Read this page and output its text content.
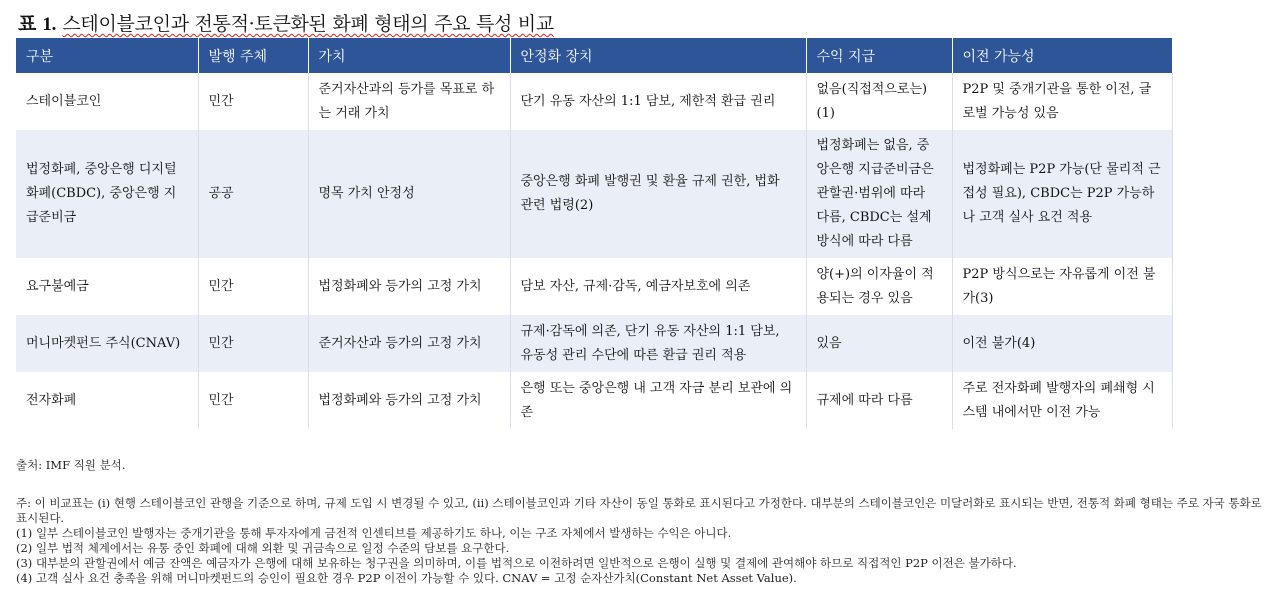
표 1. 스테이블코인과 전통적·토큰화된 화폐 형태의 주요 특성 비교
구분	발행 주체	가치	안정화 장치	수익 지급	이전 가능성
스테이블코인	민간	준거자산과의 등가를 목표로 하는 거래 가치	단기 유동 자산의 1:1 담보, 제한적 환급 권리	없음(직접적으로는)(1)	P2P 및 중개기관을 통한 이전, 글로벌 가능성 있음
법정화폐, 중앙은행 디지털화폐(CBDC), 중앙은행 지급준비금	공공	명목 가치 안정성	중앙은행 화폐 발행권 및 환율 규제 권한, 법화 관련 법령(2)	법정화폐는 없음, 중앙은행 지급준비금은 관할권·범위에 따라 다름, CBDC는 설계 방식에 따라 다름	법정화폐는 P2P 가능(단 물리적 근접성 필요), CBDC는 P2P 가능하나 고객 실사 요건 적용
요구불예금	민간	법정화폐와 등가의 고정 가치	담보 자산, 규제·감독, 예금자보호에 의존	양(+)의 이자율이 적용되는 경우 있음	P2P 방식으로는 자유롭게 이전 불가(3)
머니마켓펀드 주식(CNAV)	민간	준거자산과 등가의 고정 가치	규제·감독에 의존, 단기 유동 자산의 1:1 담보, 유동성 관리 수단에 따른 환급 권리 적용	있음	이전 불가(4)
전자화폐	민간	법정화폐와 등가의 고정 가치	은행 또는 중앙은행 내 고객 자금 분리 보관에 의존	규제에 따라 다름	주로 전자화폐 발행자의 폐쇄형 시스템 내에서만 이전 가능
출처: IMF 직원 분석.
주: 이 비교표는 (i) 현행 스테이블코인 관행을 기준으로 하며, 규제 도입 시 변경될 수 있고, (ii) 스테이블코인과 기타 자산이 동일 통화로 표시된다고 가정한다. 대부분의 스테이블코인은 미달러화로 표시되는 반면, 전통적 화폐 형태는 주로 자국 통화로 표시된다.
(1) 일부 스테이블코인 발행자는 중개기관을 통해 투자자에게 금전적 인센티브를 제공하기도 하나, 이는 구조 자체에서 발생하는 수익은 아니다.
(2) 일부 법적 체계에서는 유통 중인 화폐에 대해 외환 및 귀금속으로 일정 수준의 담보를 요구한다.
(3) 대부분의 관할권에서 예금 잔액은 예금자가 은행에 대해 보유하는 청구권을 의미하며, 이를 법적으로 이전하려면 일반적으로 은행이 실행 및 결제에 관여해야 하므로 직접적인 P2P 이전은 불가하다.
(4) 고객 실사 요건 충족을 위해 머니마켓펀드의 승인이 필요한 경우 P2P 이전이 가능할 수 있다. CNAV = 고정 순자산가치(Constant Net Asset Value).
